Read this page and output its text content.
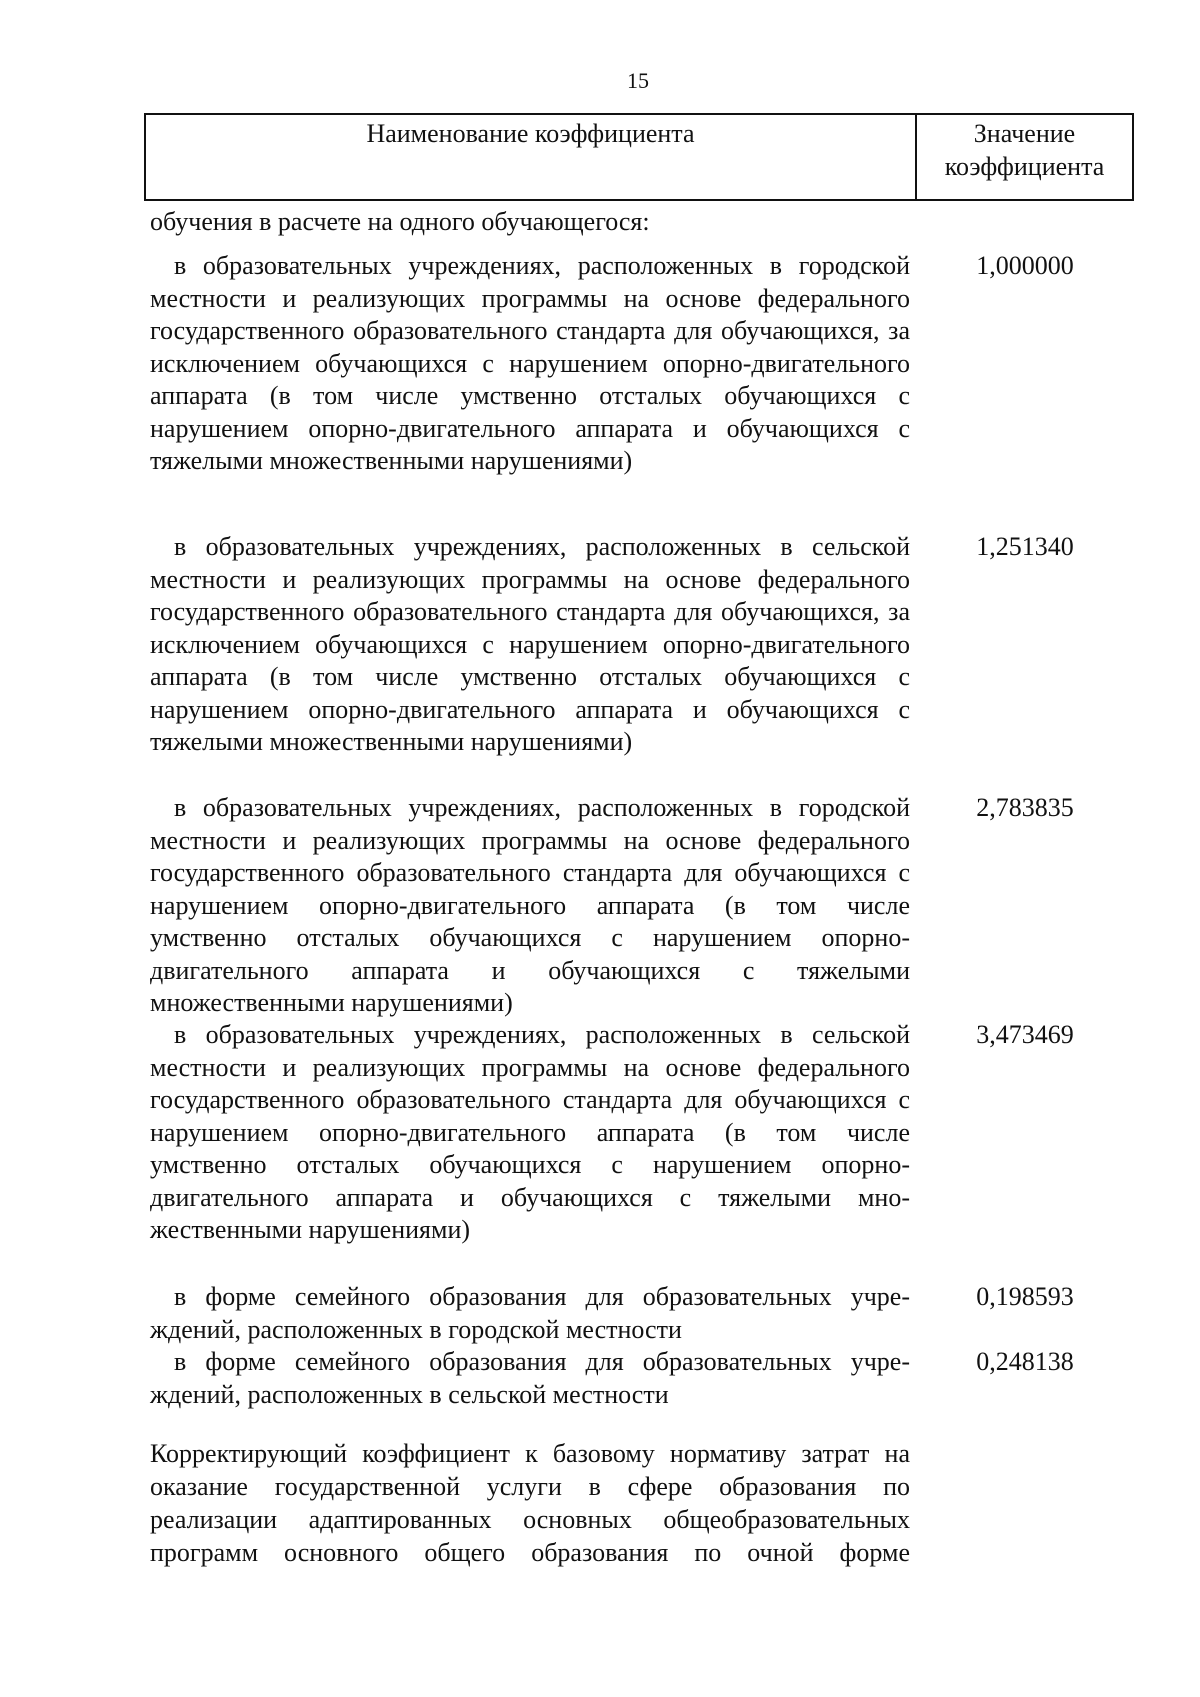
15
Наименование коэффициента	Значение
коэффициента
обучения в расчете на одного обучающегося:
в образовательных учреждениях, расположенных в городской местности и реализующих программы на основе федерального государственного образовательного стандарта для обучающихся, за исключением обучающихся с нарушением опорно-двигательного аппарата (в том числе умственно отсталых обучающихся с нарушением опорно-двигательного аппарата и обучающихся с тяжелыми множественными нарушениями)
1,000000
в образовательных учреждениях, расположенных в сельской местности и реализующих программы на основе федерального государственного образовательного стандарта для обучающихся, за исключением обучающихся с нарушением опорно-двигательного аппарата (в том числе умственно отсталых обучающихся с нарушением опорно-двигательного аппарата и обучающихся с тяжелыми множественными нарушениями)
1,251340
в образовательных учреждениях, расположенных в городской местности и реализующих программы на основе федерального государственного образовательного стандарта для обучающихся с нарушением опорно-двигательного аппарата (в том числе умственно отсталых обучающихся с нарушением опорно-двигательного аппарата и обучающихся с тяжелыми множественными нарушениями)
2,783835
в образовательных учреждениях, расположенных в сельской местности и реализующих программы на основе федерального государственного образовательного стандарта для обучающихся с нарушением опорно-двигательного аппарата (в том числе умственно отсталых обучающихся с нарушением опорно-двигательного аппарата и обучающихся с тяжелыми множественными нарушениями)
3,473469
в форме семейного образования для образовательных учреждений, расположенных в городской местности
0,198593
в форме семейного образования для образовательных учреждений, расположенных в сельской местности
0,248138
Корректирующий коэффициент к базовому нормативу затрат на оказание государственной услуги в сфере образования по реализации адаптированных основных общеобразовательных программ основного общего образования по очной форме
